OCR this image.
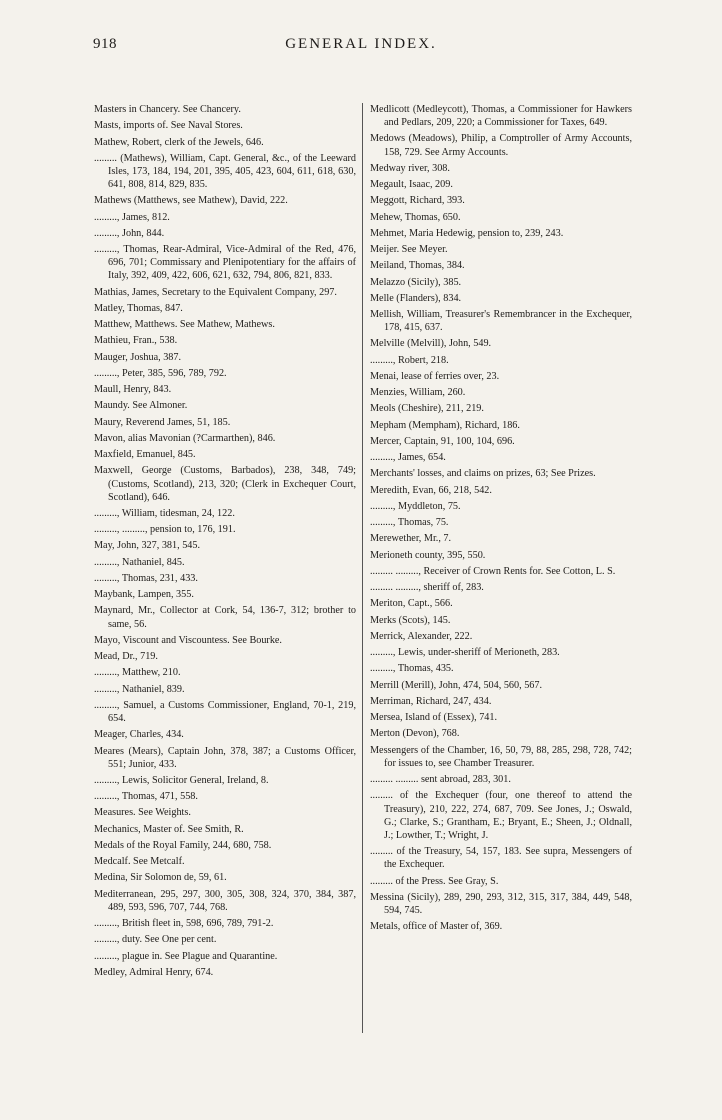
918	GENERAL INDEX.
Masters in Chancery. See Chancery.
Masts, imports of. See Naval Stores.
Mathew, Robert, clerk of the Jewels, 646.
......... (Mathews), William, Capt. General, &c., of the Leeward Isles, 173, 184, 194, 201, 395, 405, 423, 604, 611, 618, 630, 641, 808, 814, 829, 835.
Mathews (Matthews, see Mathew), David, 222.
........., James, 812.
........., John, 844.
........., Thomas, Rear-Admiral, Vice-Admiral of the Red, 476, 696, 701; Commissary and Plenipotentiary for the affairs of Italy, 392, 409, 422, 606, 621, 632, 794, 806, 821, 833.
Mathias, James, Secretary to the Equivalent Company, 297.
Matley, Thomas, 847.
Matthew, Matthews. See Mathew, Mathews.
Mathieu, Fran., 538.
Mauger, Joshua, 387.
........., Peter, 385, 596, 789, 792.
Maull, Henry, 843.
Maundy. See Almoner.
Maury, Reverend James, 51, 185.
Mavon, alias Mavonian (?Carmarthen), 846.
Maxfield, Emanuel, 845.
Maxwell, George (Customs, Barbados), 238, 348, 749; (Customs, Scotland), 213, 320; (Clerk in Exchequer Court, Scotland), 646.
........., William, tidesman, 24, 122.
........., ........., pension to, 176, 191.
May, John, 327, 381, 545.
........., Nathaniel, 845.
........., Thomas, 231, 433.
Maybank, Lampen, 355.
Maynard, Mr., Collector at Cork, 54, 136-7, 312; brother to same, 56.
Mayo, Viscount and Viscountess. See Bourke.
Mead, Dr., 719.
........., Matthew, 210.
........., Nathaniel, 839.
........., Samuel, a Customs Commissioner, England, 70-1, 219, 654.
Meager, Charles, 434.
Meares (Mears), Captain John, 378, 387; a Customs Officer, 551; Junior, 433.
........., Lewis, Solicitor General, Ireland, 8.
........., Thomas, 471, 558.
Measures. See Weights.
Mechanics, Master of. See Smith, R.
Medals of the Royal Family, 244, 680, 758.
Medcalf. See Metcalf.
Medina, Sir Solomon de, 59, 61.
Mediterranean, 295, 297, 300, 305, 308, 324, 370, 384, 387, 489, 593, 596, 707, 744, 768.
........., British fleet in, 598, 696, 789, 791-2.
........., duty. See One per cent.
........., plague in. See Plague and Quarantine.
Medley, Admiral Henry, 674.
Medlicott (Medleycott), Thomas, a Commissioner for Hawkers and Pedlars, 209, 220; a Commissioner for Taxes, 649.
Medows (Meadows), Philip, a Comptroller of Army Accounts, 158, 729. See Army Accounts.
Medway river, 308.
Megault, Isaac, 209.
Meggott, Richard, 393.
Mehew, Thomas, 650.
Mehmet, Maria Hedewig, pension to, 239, 243.
Meijer. See Meyer.
Meiland, Thomas, 384.
Melazzo (Sicily), 385.
Melle (Flanders), 834.
Mellish, William, Treasurer's Remembrancer in the Exchequer, 178, 415, 637.
Melville (Melvill), John, 549.
........., Robert, 218.
Menai, lease of ferries over, 23.
Menzies, William, 260.
Meols (Cheshire), 211, 219.
Mepham (Mempham), Richard, 186.
Mercer, Captain, 91, 100, 104, 696.
........., James, 654.
Merchants' losses, and claims on prizes, 63; See Prizes.
Meredith, Evan, 66, 218, 542.
........., Myddleton, 75.
........., Thomas, 75.
Merewether, Mr., 7.
Merioneth county, 395, 550.
......... ........., Receiver of Crown Rents for. See Cotton, L. S.
......... ........., sheriff of, 283.
Meriton, Capt., 566.
Merks (Scots), 145.
Merrick, Alexander, 222.
........., Lewis, under-sheriff of Merioneth, 283.
........., Thomas, 435.
Merrill (Merill), John, 474, 504, 560, 567.
Merriman, Richard, 247, 434.
Mersea, Island of (Essex), 741.
Merton (Devon), 768.
Messengers of the Chamber, 16, 50, 79, 88, 285, 298, 728, 742; for issues to, see Chamber Treasurer.
......... ......... sent abroad, 283, 301.
......... of the Exchequer (four, one thereof to attend the Treasury), 210, 222, 274, 687, 709. See Jones, J.; Oswald, G.; Clarke, S.; Grantham, E.; Bryant, E.; Sheen, J.; Oldnall, J.; Lowther, T.; Wright, J.
......... of the Treasury, 54, 157, 183. See supra, Messengers of the Exchequer.
......... of the Press. See Gray, S.
Messina (Sicily), 289, 290, 293, 312, 315, 317, 384, 449, 548, 594, 745.
Metals, office of Master of, 369.
